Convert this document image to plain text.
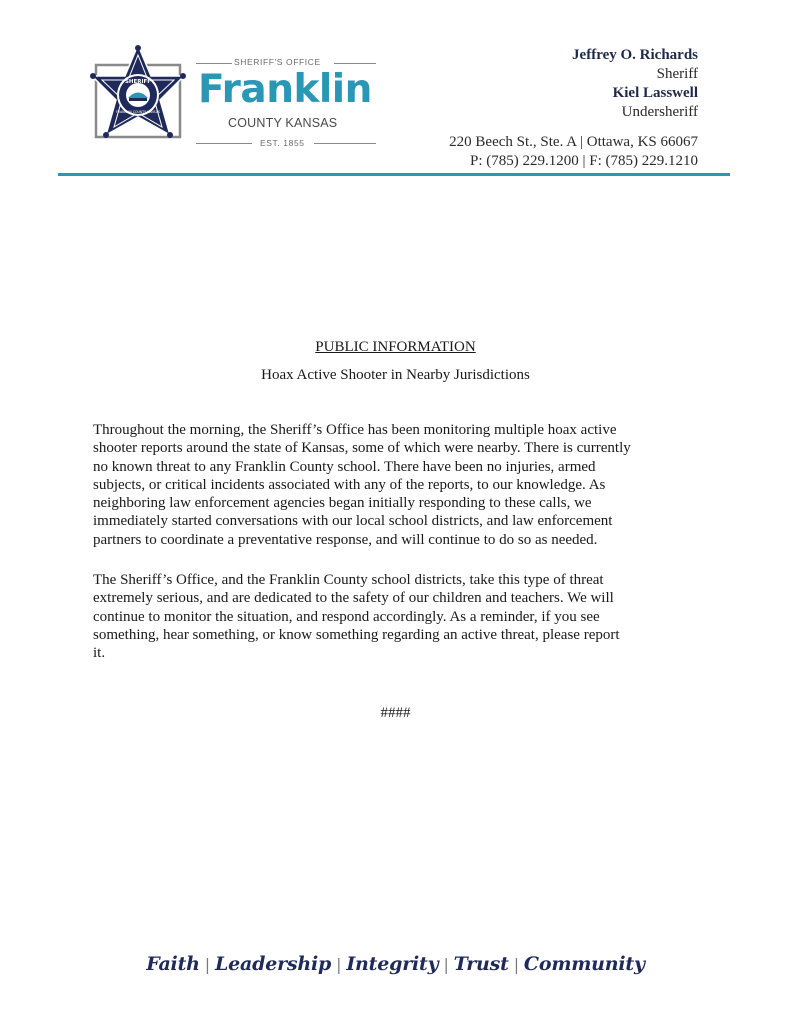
SHERIFF
FRANKLIN COUNTY KANSAS
SHERIFF'S OFFICE
Franklin
COUNTY KANSAS
EST. 1855
Jeffrey O. Richards
Sheriff
Kiel Lasswell
Undersheriff
220 Beech St., Ste. A | Ottawa, KS 66067
P: (785) 229.1200 | F: (785) 229.1210
PUBLIC INFORMATION
Hoax Active Shooter in Nearby Jurisdictions

Throughout the morning, the Sheriff’s Office has been monitoring multiple hoax active
shooter reports around the state of Kansas, some of which were nearby. There is currently
no known threat to any Franklin County school. There have been no injuries, armed
subjects, or critical incidents associated with any of the reports, to our knowledge. As
neighboring law enforcement agencies began initially responding to these calls, we
immediately started conversations with our local school districts, and law enforcement
partners to coordinate a preventative response, and will continue to do so as needed.

The Sheriff’s Office, and the Franklin County school districts, take this type of threat
extremely serious, and are dedicated to the safety of our children and teachers. We will
continue to monitor the situation, and respond accordingly. As a reminder, if you see
something, hear something, or know something regarding an active threat, please report
it.

####
Faith | Leadership | Integrity | Trust | Community
